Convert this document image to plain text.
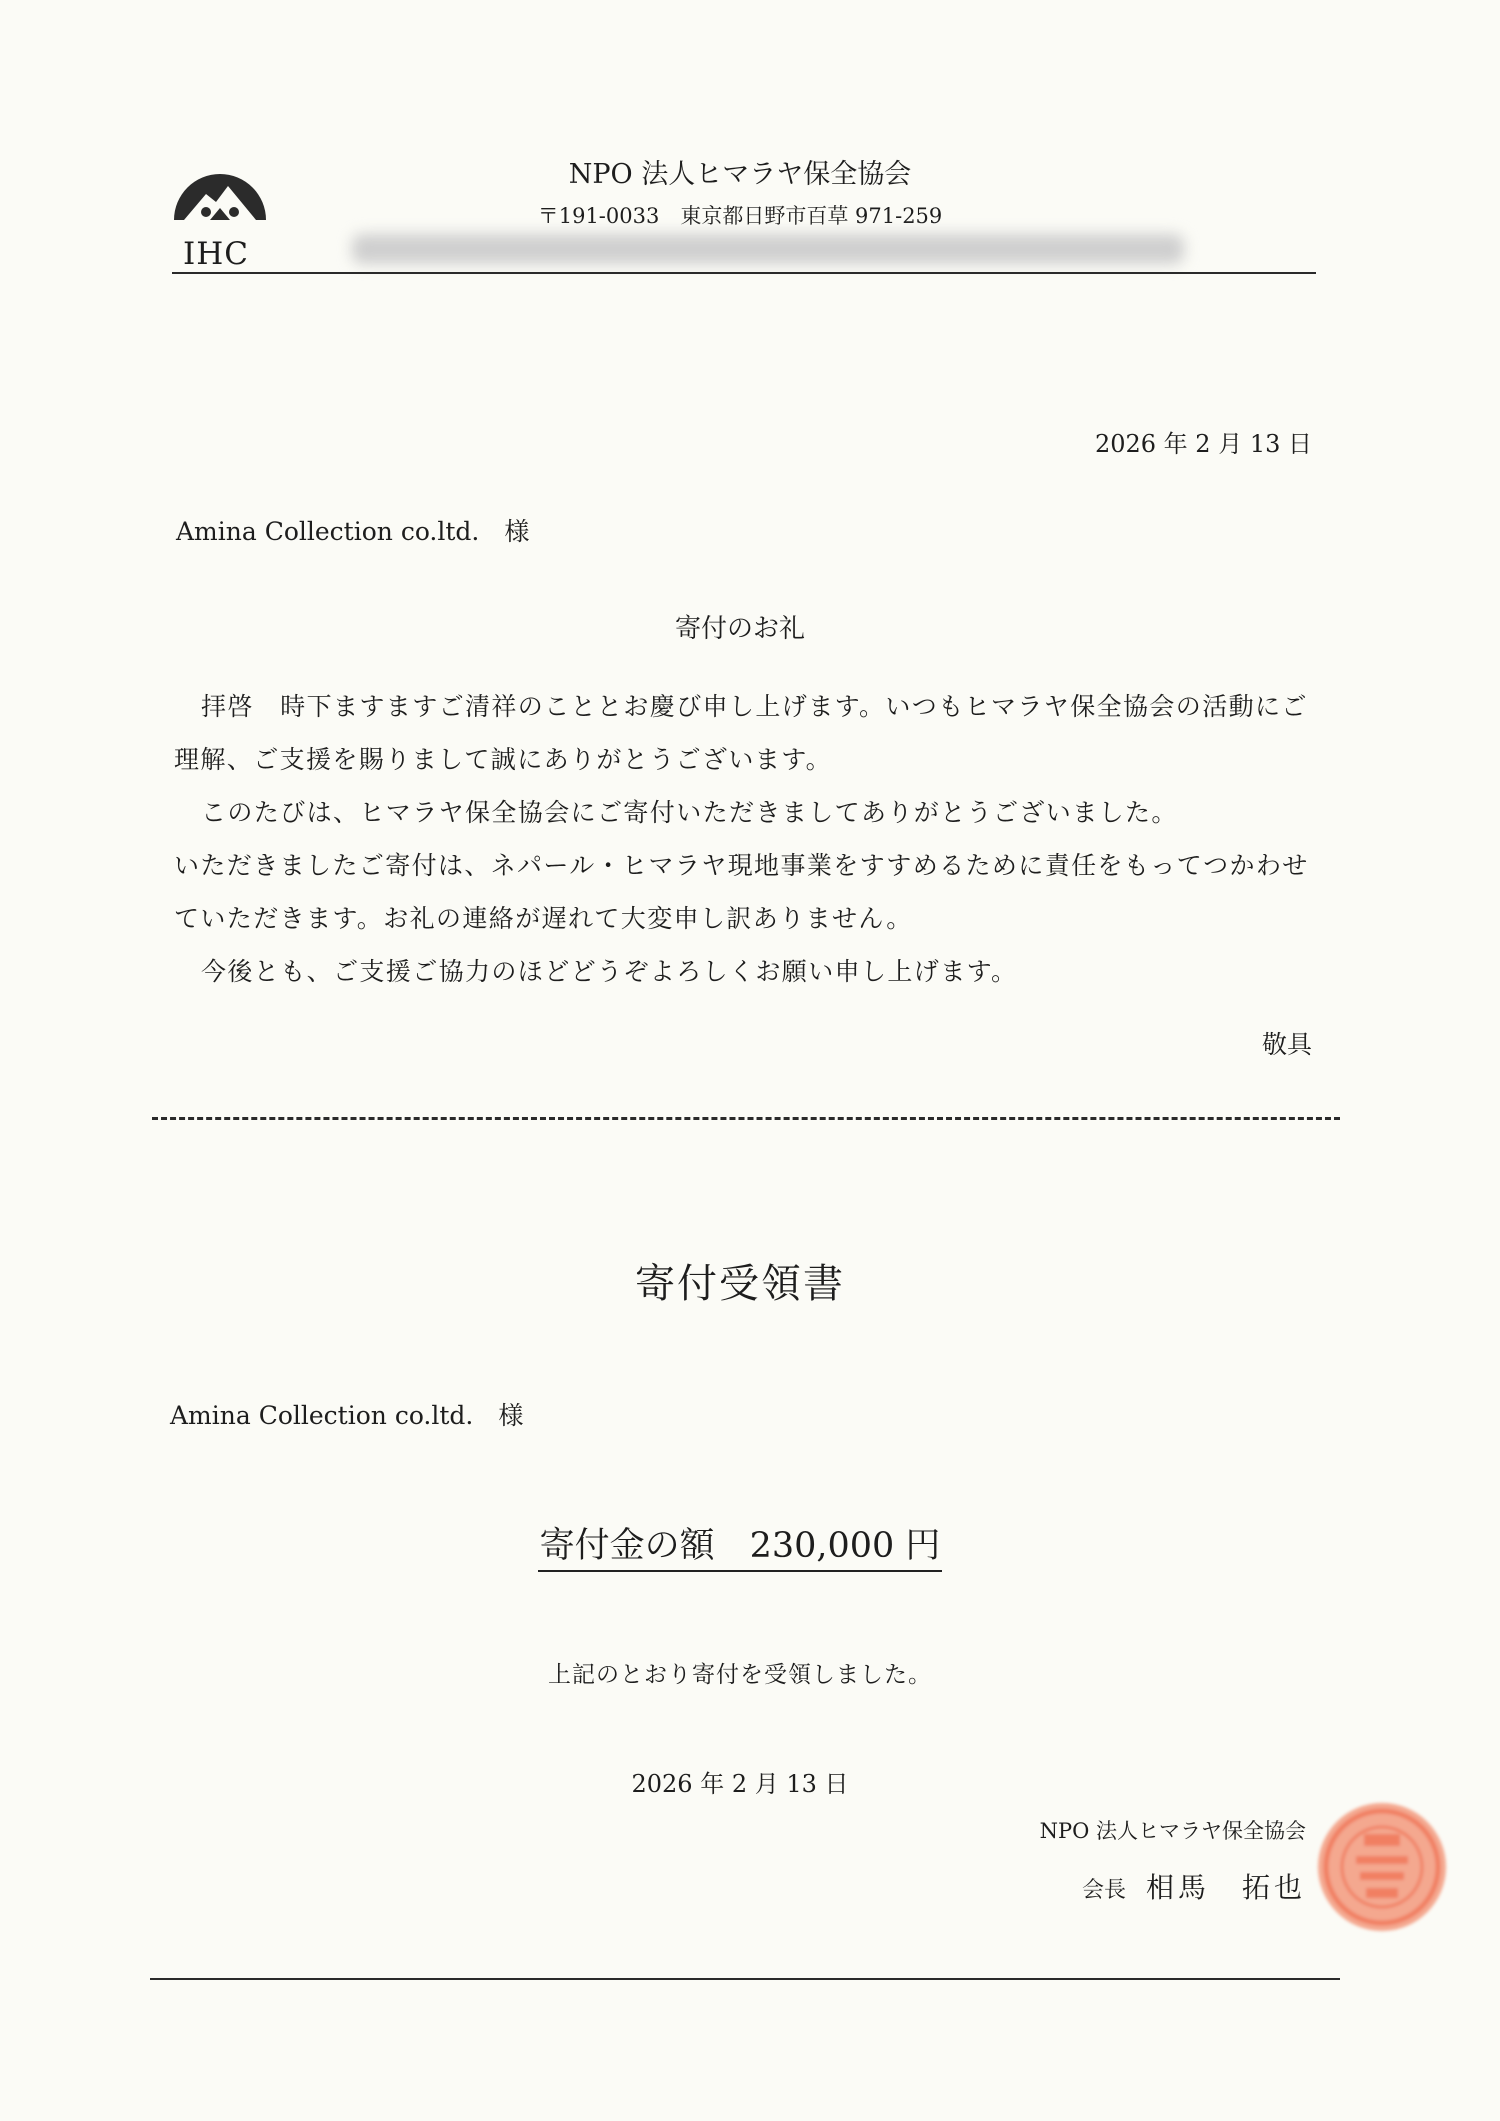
IHC
NPO 法人ヒマラヤ保全協会
〒191-0033　東京都日野市百草 971-259
2026 年 2 月 13 日
Amina Collection co.ltd.　様
寄付のお礼

拝啓　時下ますますご清祥のこととお慶び申し上げます。いつもヒマラヤ保全協会の活動にご理解、ご支援を賜りまして誠にありがとうございます。

このたびは、ヒマラヤ保全協会にご寄付いただきましてありがとうございました。

いただきましたご寄付は、ネパール・ヒマラヤ現地事業をすすめるために責任をもってつかわせていただきます。お礼の連絡が遅れて大変申し訳ありません。

今後とも、ご支援ご協力のほどどうぞよろしくお願い申し上げます。

敬具
寄付受領書
Amina Collection co.ltd.　様
寄付金の額　230,000 円
上記のとおり寄付を受領しました。
2026 年 2 月 13 日
NPO 法人ヒマラヤ保全協会
会長 相馬　拓也
